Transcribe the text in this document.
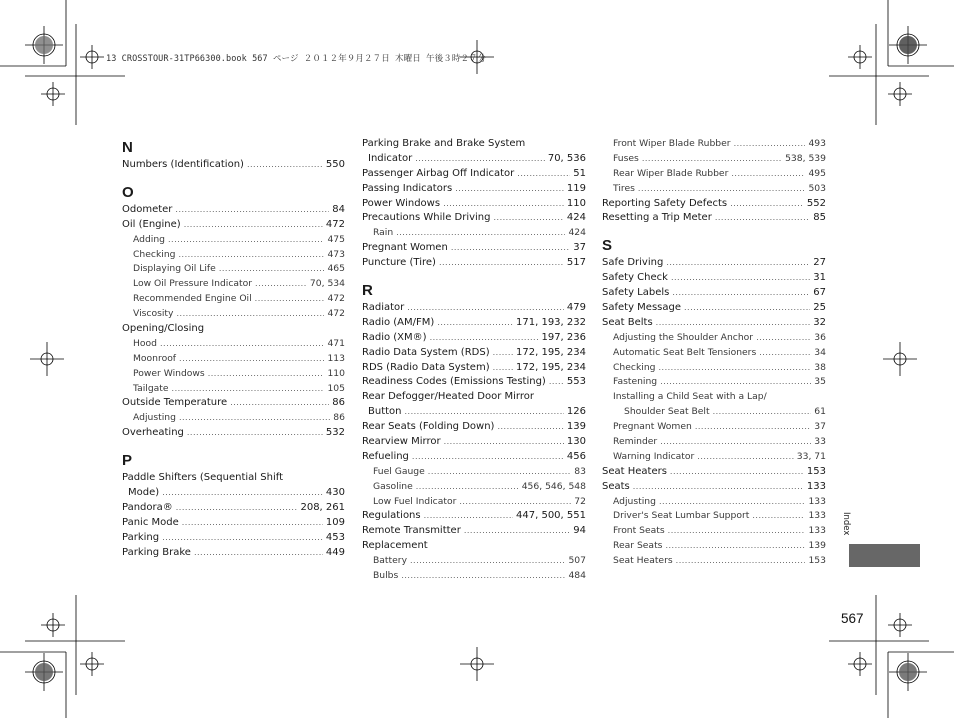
13 CROSSTOUR-31TP66300.book 567 ページ ２０１２年９月２７日 木曜日 午後３時２７分
N
Numbers (Identification) .....	550
O
Odometer .....	84
Oil (Engine) .....	472
Adding .....	475
Checking .....	473
Displaying Oil Life .....	465
Low Oil Pressure Indicator .....	70, 534
Recommended Engine Oil .....	472
Viscosity .....	472
Opening/Closing
Hood .....	471
Moonroof .....	113
Power Windows .....	110
Tailgate .....	105
Outside Temperature .....	86
Adjusting .....	86
Overheating .....	532
P
Paddle Shifters (Sequential Shift
Mode) .....	430
Pandora® .....	208, 261
Panic Mode .....	109
Parking .....	453
Parking Brake .....	449
Parking Brake and Brake System
Indicator .....	70, 536
Passenger Airbag Off Indicator .....	51
Passing Indicators .....	119
Power Windows .....	110
Precautions While Driving .....	424
Rain .....	424
Pregnant Women .....	37
Puncture (Tire) .....	517
R
Radiator .....	479
Radio (AM/FM) .....	171, 193, 232
Radio (XM®) .....	197, 236
Radio Data System (RDS) .....	172, 195, 234
RDS (Radio Data System) .....	172, 195, 234
Readiness Codes (Emissions Testing) ..... 553
Rear Defogger/Heated Door Mirror
Button .....	126
Rear Seats (Folding Down) .....	139
Rearview Mirror .....	130
Refueling .....	456
Fuel Gauge .....	83
Gasoline .....	456, 546, 548
Low Fuel Indicator .....	72
Regulations .....	447, 500, 551
Remote Transmitter .....	94
Replacement
Battery .....	507
Bulbs .....	484
Front Wiper Blade Rubber .....	493
Fuses .....	538, 539
Rear Wiper Blade Rubber .....	495
Tires .....	503
Reporting Safety Defects .....	552
Resetting a Trip Meter .....	85
S
Safe Driving .....	27
Safety Check .....	31
Safety Labels .....	67
Safety Message .....	25
Seat Belts .....	32
Adjusting the Shoulder Anchor .....	36
Automatic Seat Belt Tensioners .....	34
Checking .....	38
Fastening .....	35
Installing a Child Seat with a Lap/
Shoulder Seat Belt .....	61
Pregnant Women .....	37
Reminder .....	33
Warning Indicator .....	33, 71
Seat Heaters .....	153
Seats .....	133
Adjusting .....	133
Driver's Seat Lumbar Support .....	133
Front Seats .....	133
Rear Seats .....	139
Seat Heaters .....	153
Index
567
